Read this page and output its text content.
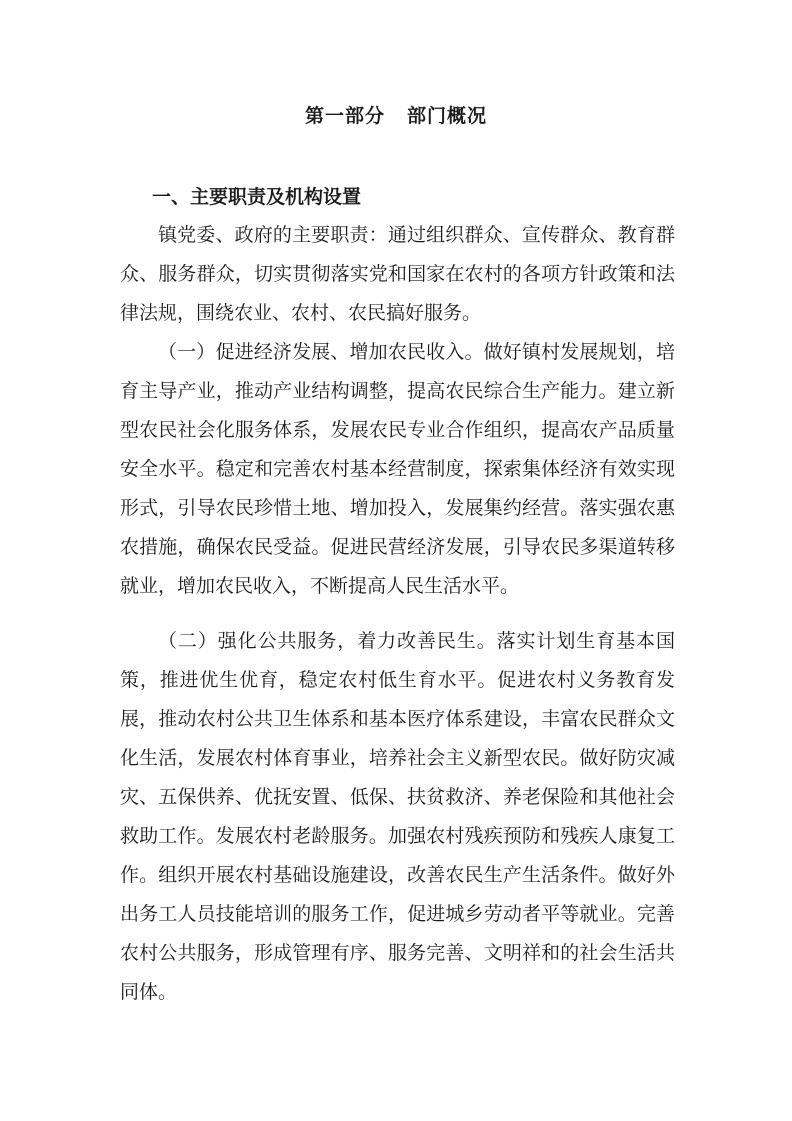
第一部分 部门概况
一、主要职责及机构设置

镇党委、政府的主要职责：通过组织群众、宣传群众、教育群众、服务群众，切实贯彻落实党和国家在农村的各项方针政策和法律法规，围绕农业、农村、农民搞好服务。

（一）促进经济发展、增加农民收入。做好镇村发展规划，培育主导产业，推动产业结构调整，提高农民综合生产能力。建立新型农民社会化服务体系，发展农民专业合作组织，提高农产品质量安全水平。稳定和完善农村基本经营制度，探索集体经济有效实现形式，引导农民珍惜土地、增加投入，发展集约经营。落实强农惠农措施，确保农民受益。促进民营经济发展，引导农民多渠道转移就业，增加农民收入，不断提高人民生活水平。

（二）强化公共服务，着力改善民生。落实计划生育基本国策，推进优生优育，稳定农村低生育水平。促进农村义务教育发展，推动农村公共卫生体系和基本医疗体系建设，丰富农民群众文化生活，发展农村体育事业，培养社会主义新型农民。做好防灾减灾、五保供养、优抚安置、低保、扶贫救济、养老保险和其他社会救助工作。发展农村老龄服务。加强农村残疾预防和残疾人康复工作。组织开展农村基础设施建设，改善农民生产生活条件。做好外出务工人员技能培训的服务工作，促进城乡劳动者平等就业。完善农村公共服务，形成管理有序、服务完善、文明祥和的社会生活共同体。
